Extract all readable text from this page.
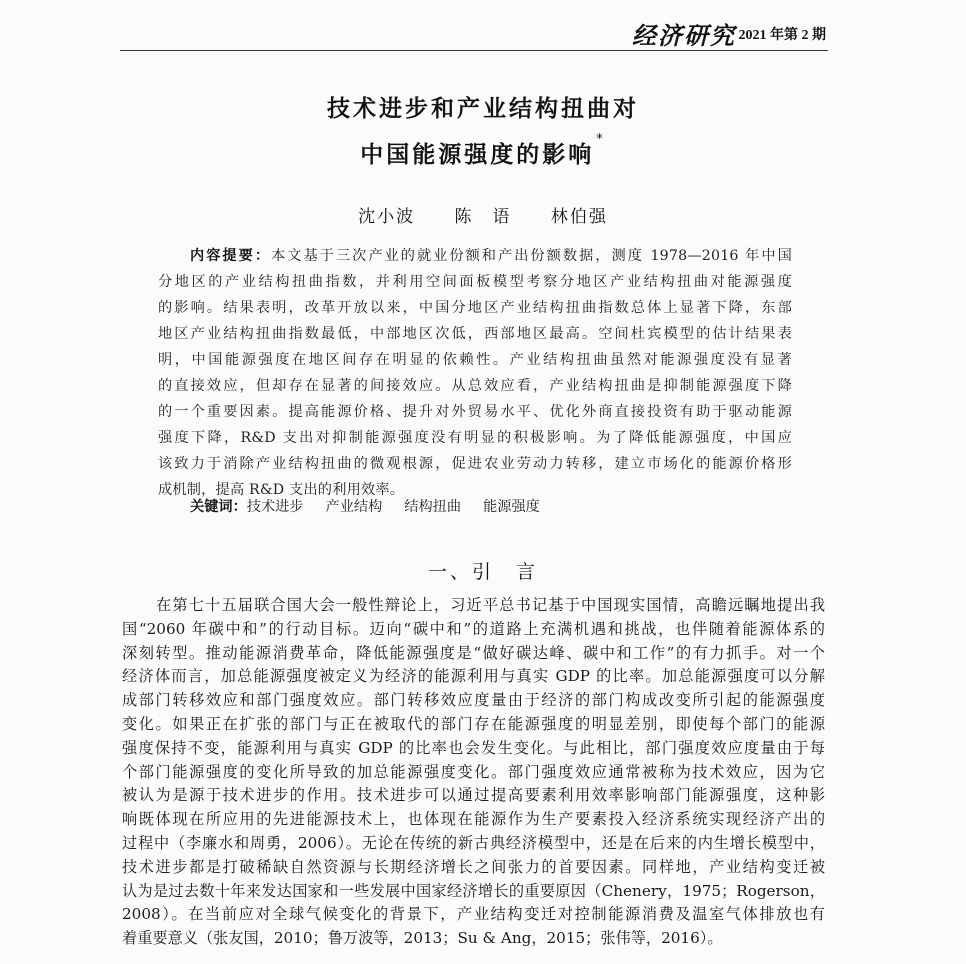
经济研究 2021 年第 2 期
技术进步和产业结构扭曲对
中国能源强度的影响*
沈小波 陈　语 林伯强
内容提要：本文基于三次产业的就业份额和产出份额数据，测度 1978—2016 年中国
分地区的产业结构扭曲指数，并利用空间面板模型考察分地区产业结构扭曲对能源强度
的影响。结果表明，改革开放以来，中国分地区产业结构扭曲指数总体上显著下降，东部
地区产业结构扭曲指数最低，中部地区次低，西部地区最高。空间杜宾模型的估计结果表
明，中国能源强度在地区间存在明显的依赖性。产业结构扭曲虽然对能源强度没有显著
的直接效应，但却存在显著的间接效应。从总效应看，产业结构扭曲是抑制能源强度下降
的一个重要因素。提高能源价格、提升对外贸易水平、优化外商直接投资有助于驱动能源
强度下降，R&D 支出对抑制能源强度没有明显的积极影响。为了降低能源强度，中国应
该致力于消除产业结构扭曲的微观根源，促进农业劳动力转移，建立市场化的能源价格形
成机制，提高 R&D 支出的利用效率。
关键词：技术进步 产业结构 结构扭曲 能源强度
一、引　言
在第七十五届联合国大会一般性辩论上，习近平总书记基于中国现实国情，高瞻远瞩地提出我
国“2060 年碳中和”的行动目标。迈向“碳中和”的道路上充满机遇和挑战，也伴随着能源体系的
深刻转型。推动能源消费革命，降低能源强度是“做好碳达峰、碳中和工作”的有力抓手。对一个
经济体而言，加总能源强度被定义为经济的能源利用与真实 GDP 的比率。加总能源强度可以分解
成部门转移效应和部门强度效应。部门转移效应度量由于经济的部门构成改变所引起的能源强度
变化。如果正在扩张的部门与正在被取代的部门存在能源强度的明显差别，即使每个部门的能源
强度保持不变，能源利用与真实 GDP 的比率也会发生变化。与此相比，部门强度效应度量由于每
个部门能源强度的变化所导致的加总能源强度变化。部门强度效应通常被称为技术效应，因为它
被认为是源于技术进步的作用。技术进步可以通过提高要素利用效率影响部门能源强度，这种影
响既体现在所应用的先进能源技术上，也体现在能源作为生产要素投入经济系统实现经济产出的
过程中（李廉水和周勇，2006）。无论在传统的新古典经济模型中，还是在后来的内生增长模型中，
技术进步都是打破稀缺自然资源与长期经济增长之间张力的首要因素。同样地，产业结构变迁被
认为是过去数十年来发达国家和一些发展中国家经济增长的重要原因（Chenery，1975；Rogerson，
2008）。在当前应对全球气候变化的背景下，产业结构变迁对控制能源消费及温室气体排放也有
着重要意义（张友国，2010；鲁万波等，2013；Su & Ang，2015；张伟等，2016）。
